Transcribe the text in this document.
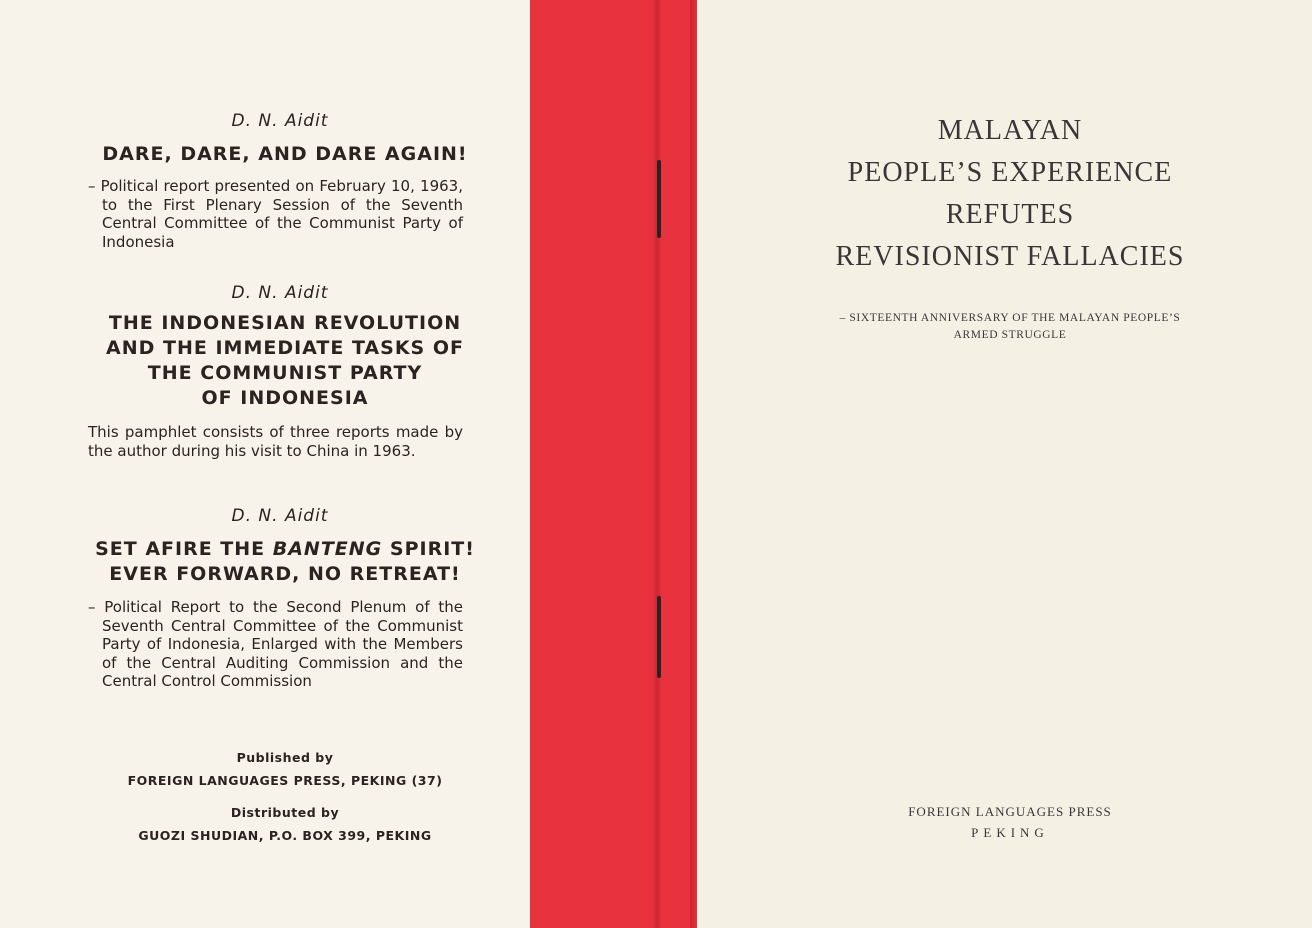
D. N. Aidit
DARE, DARE, AND DARE AGAIN!
– Political report presented on February 10, 1963, to the First Plenary Session of the Seventh Central Committee of the Communist Party of Indonesia
D. N. Aidit
THE INDONESIAN REVOLUTION
AND THE IMMEDIATE TASKS OF
THE COMMUNIST PARTY
OF INDONESIA
This pamphlet consists of three reports made by the author during his visit to China in 1963.
D. N. Aidit
SET AFIRE THE BANTENG SPIRIT!
EVER FORWARD, NO RETREAT!
– Political Report to the Second Plenum of the Seventh Central Committee of the Communist Party of Indonesia, Enlarged with the Members of the Central Auditing Commission and the Central Control Commission
Published by
FOREIGN LANGUAGES PRESS, PEKING (37)
Distributed by
GUOZI SHUDIAN, P.O. BOX 399, PEKING
MALAYAN
PEOPLE’S EXPERIENCE
REFUTES
REVISIONIST FALLACIES
– SIXTEENTH ANNIVERSARY OF THE MALAYAN PEOPLE’S
ARMED STRUGGLE
FOREIGN LANGUAGES PRESS
PEKING
